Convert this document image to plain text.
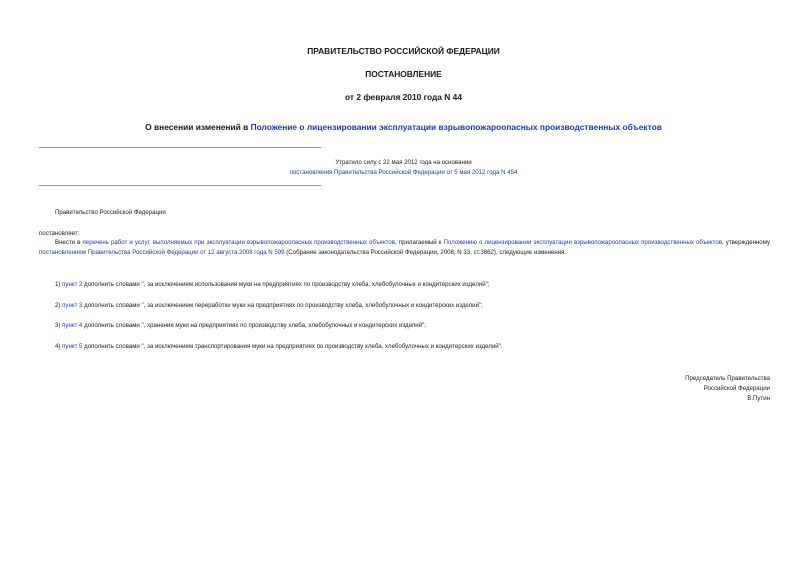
ПРАВИТЕЛЬСТВО РОССИЙСКОЙ ФЕДЕРАЦИИ
ПОСТАНОВЛЕНИЕ
от 2 февраля 2010 года N 44
О внесении изменений в Положение о лицензировании эксплуатации взрывопожароопасных производственных объектов
Утратило силу с 22 мая 2012 года на основании
постановления Правительства Российской Федерации от 5 мая 2012 года N 454
Правительство Российской Федерации
постановляет:
Внести в перечень работ и услуг, выполняемых при эксплуатации взрывопожароопасных производственных объектов, прилагаемый к Положению о лицензировании эксплуатации взрывопожароопасных производственных объектов, утвержденному постановлением Правительства Российской Федерации от 12 августа 2008 года N 599 (Собрание законодательства Российской Федерации, 2008, N 33, ст.3862), следующие изменения:
1) пункт 2 дополнить словами ", за исключением использования муки на предприятиях по производству хлеба, хлебобулочных и кондитерских изделий";
2) пункт 3 дополнить словами ", за исключением переработки муки на предприятиях по производству хлеба, хлебобулочных и кондитерских изделий";
3) пункт 4 дополнить словами ", хранения муки на предприятиях по производству хлеба, хлебобулочных и кондитерских изделий";
4) пункт 5 дополнить словами ", за исключением транспортирования муки на предприятиях по производству хлеба, хлебобулочных и кондитерских изделий".
Председатель Правительства
Российской Федерации
В.Путин
